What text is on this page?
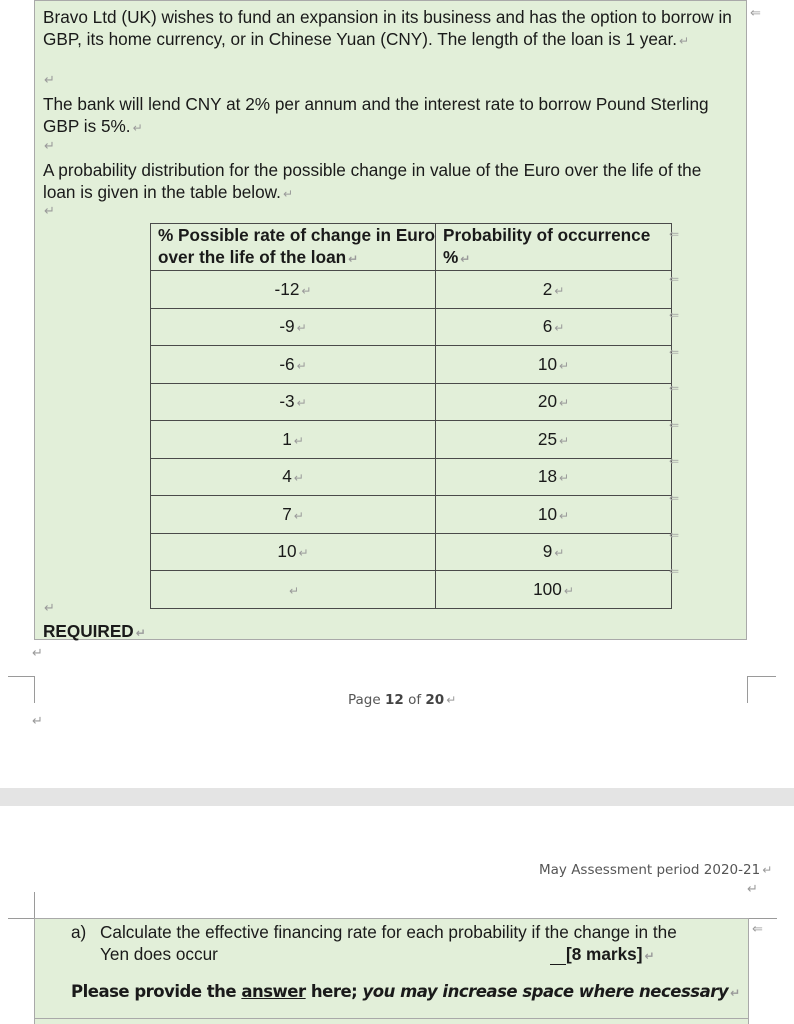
Bravo Ltd (UK) wishes to fund an expansion in its business and has the option to borrow in GBP, its home currency, or in Chinese Yuan (CNY). The length of the loan is 1 year. ↵

↵

The bank will lend CNY at 2% per annum and the interest rate to borrow Pound Sterling GBP is 5%. ↵

↵

A probability distribution for the possible change in value of the Euro over the life of the loan is given in the table below. ↵

↵
% Possible rate of change in Euro over the life of the loan ↵	Probability of occurrence % ↵
-12 ↵	2 ↵
-9 ↵	6 ↵
-6 ↵	10 ↵
-3 ↵	20 ↵
1 ↵	25 ↵
4 ↵	18 ↵
7 ↵	10 ↵
10 ↵	9 ↵
↵	100 ↵
⇐
⇐
⇐
⇐
⇐
⇐
⇐
⇐
⇐
⇐
↵
REQUIRED ↵
⇐
↵
↵
Page 12 of 20 ↵
May Assessment period 2020-21 ↵
↵
a) Calculate the effective financing rate for each probability if the change in the
Yen does occur	[8 marks] ↵
Please provide the answer here; you may increase space where necessary ↵
⇐
